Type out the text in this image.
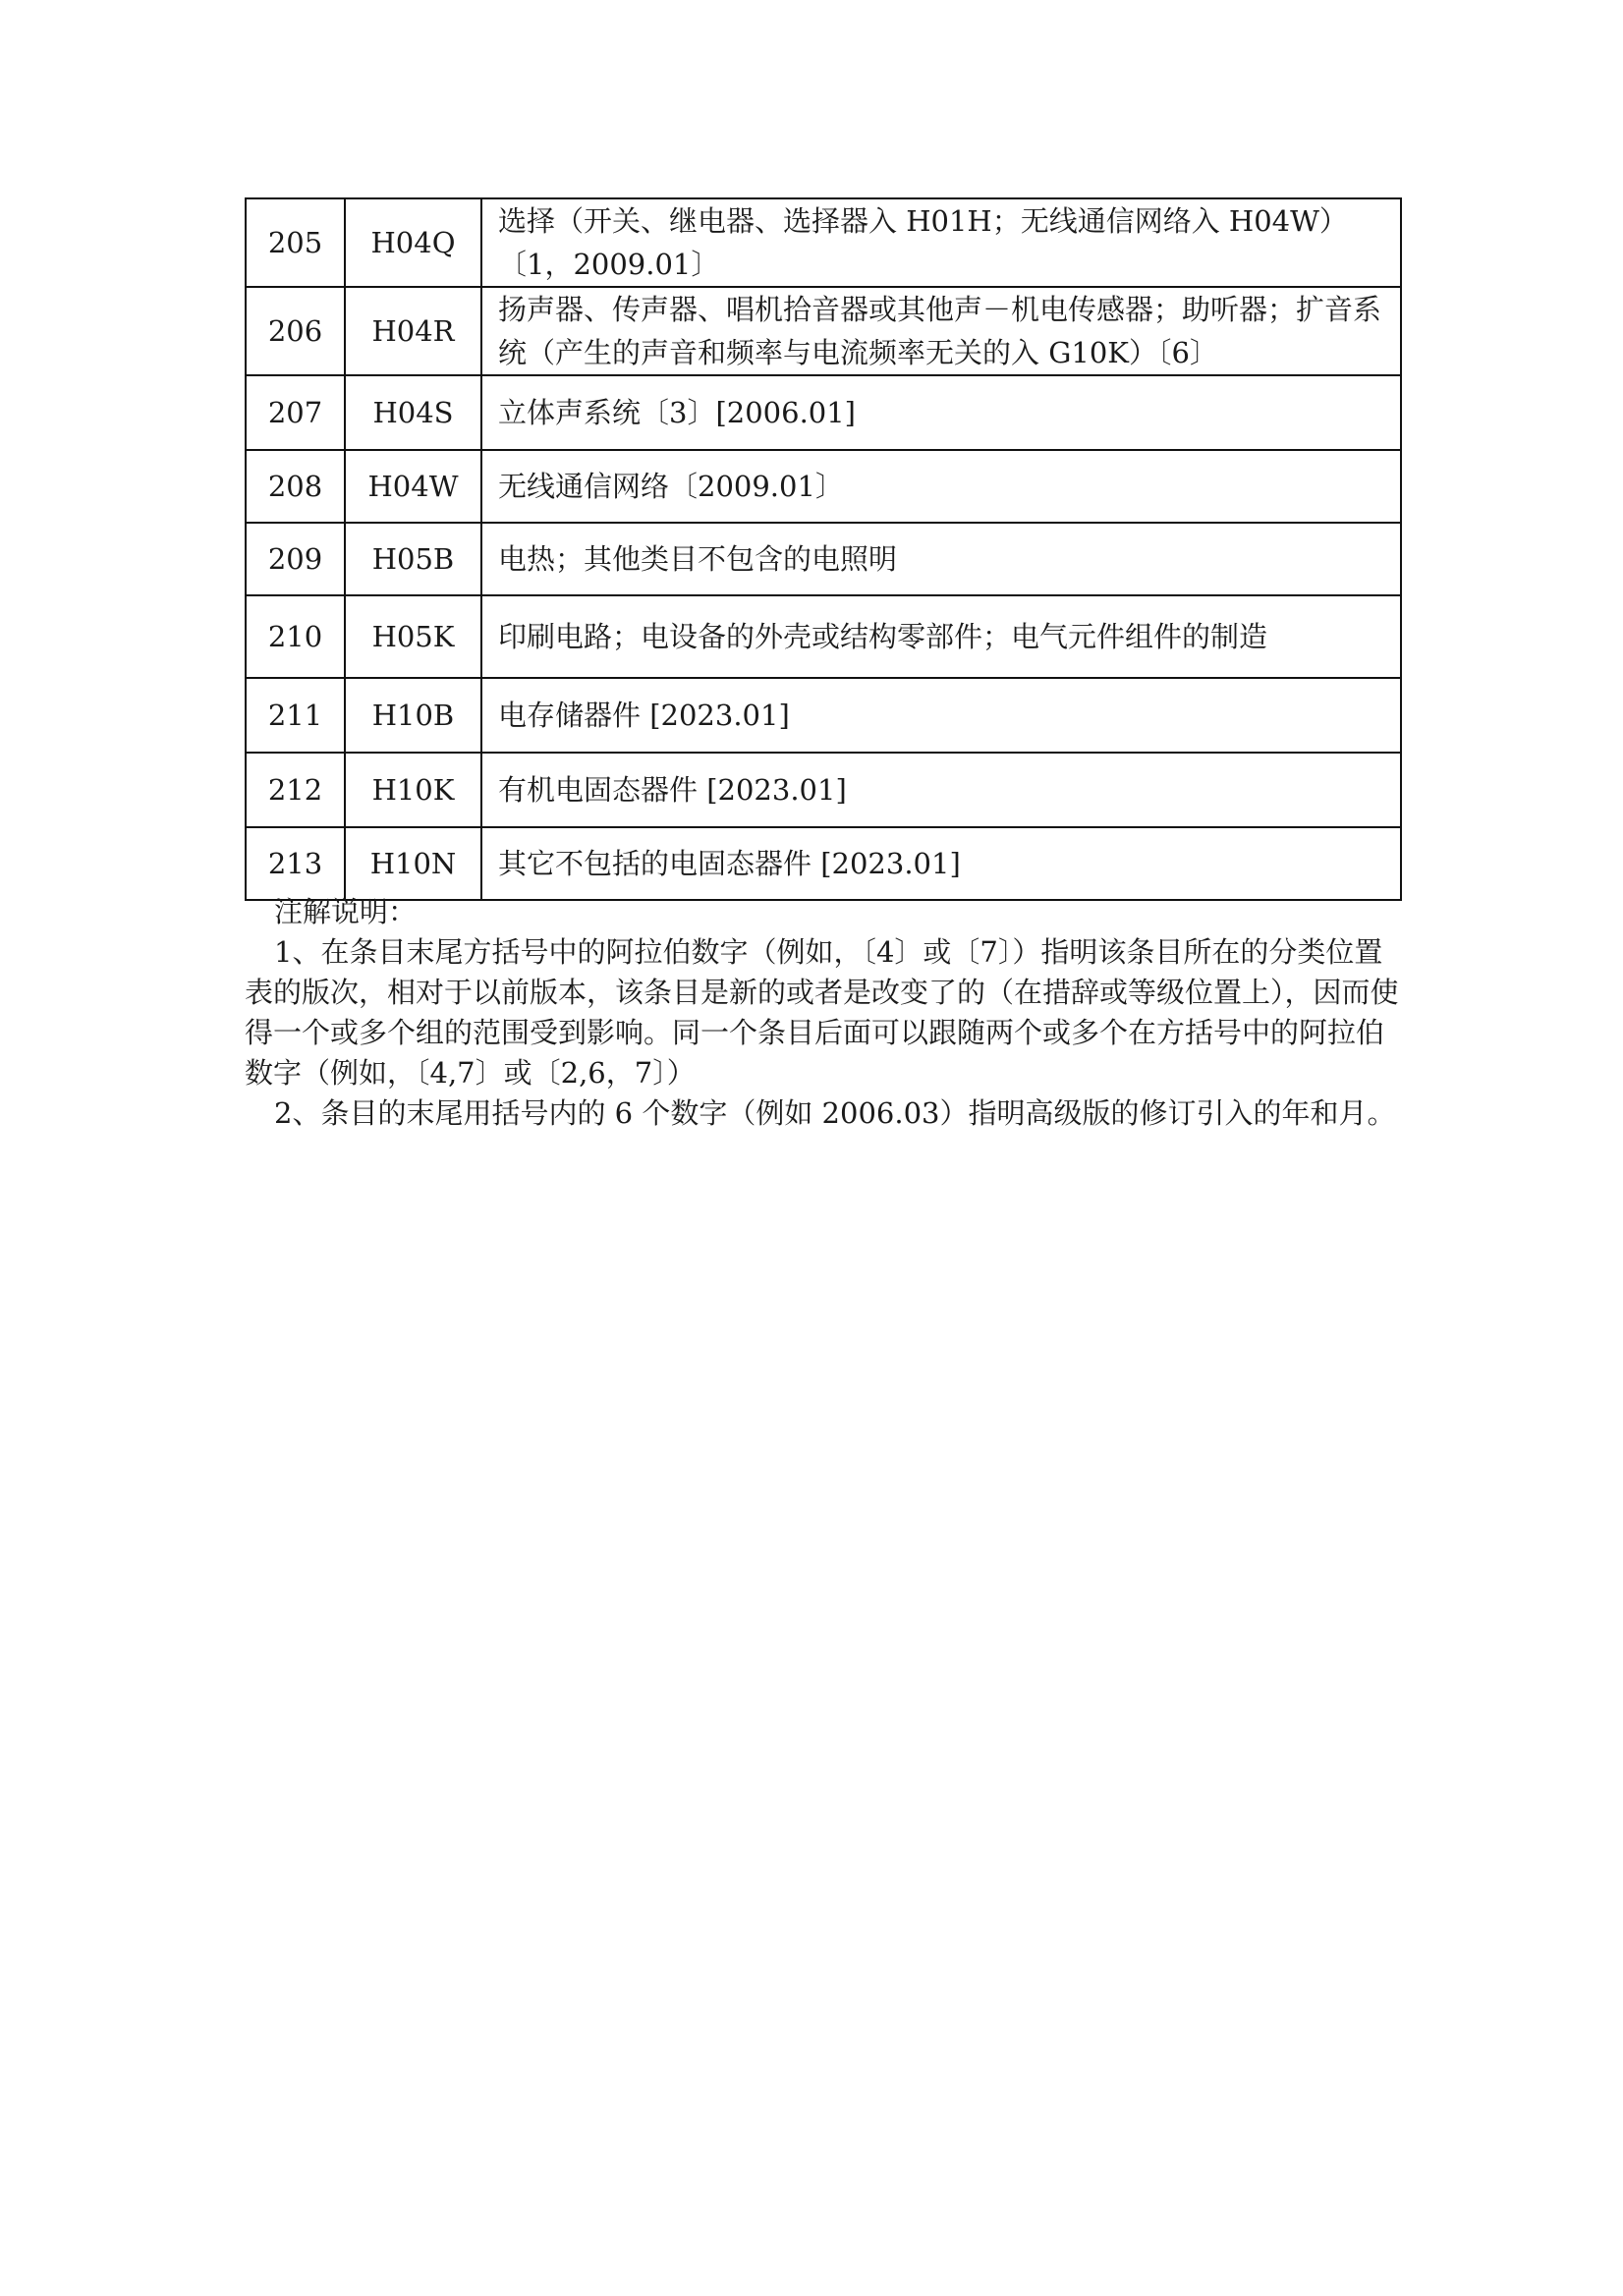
205	H04Q	选择（开关、继电器、选择器入 H01H；无线通信网络入 H04W）〔1，2009.01〕
206	H04R	扬声器、传声器、唱机拾音器或其他声－机电传感器；助听器；扩音系统（产生的声音和频率与电流频率无关的入 G10K）〔6〕
207	H04S	立体声系统〔3〕[2006.01]
208	H04W	无线通信网络〔2009.01〕
209	H05B	电热；其他类目不包含的电照明
210	H05K	印刷电路；电设备的外壳或结构零部件；电气元件组件的制造
211	H10B	电存储器件 [2023.01]
212	H10K	有机电固态器件 [2023.01]
213	H10N	其它不包括的电固态器件 [2023.01]

注解说明：

1、在条目末尾方括号中的阿拉伯数字（例如，〔4〕或〔7〕）指明该条目所在的分类位置表的版次，相对于以前版本，该条目是新的或者是改变了的（在措辞或等级位置上），因而使得一个或多个组的范围受到影响。同一个条目后面可以跟随两个或多个在方括号中的阿拉伯数字（例如，〔4,7〕或〔2,6，7〕）

2、条目的末尾用括号内的 6 个数字（例如 2006.03）指明高级版的修订引入的年和月。
